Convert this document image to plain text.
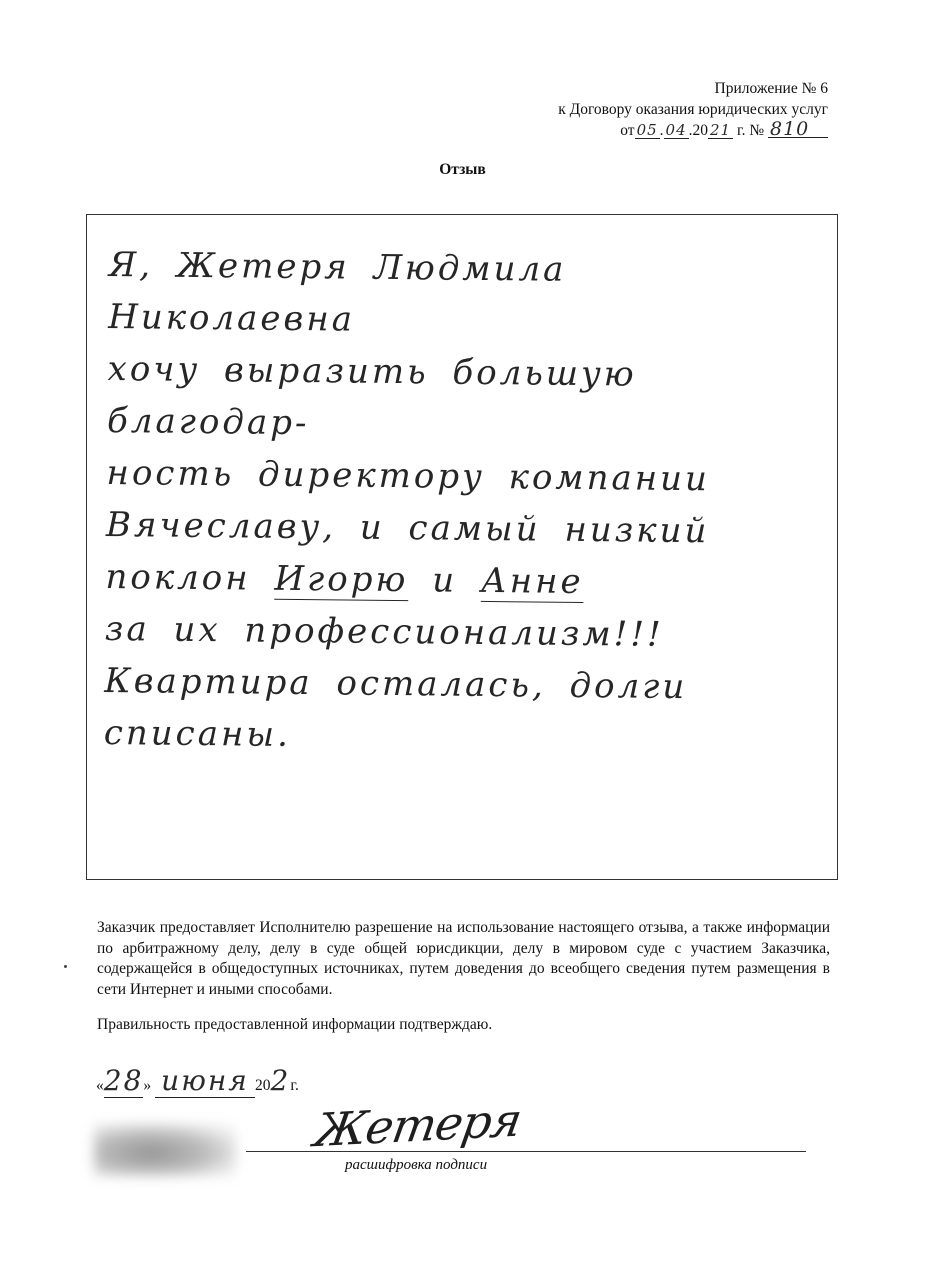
Приложение № 6
к Договору оказания юридических услуг
от 05 . 04 .20 21 г. № 810
Отзыв
Я, Жетеря Людмила Николаевна
хочу выразить большую благодар-
ность директору компании
Вячеславу, и самый низкий
поклон Игорю и Анне
за их профессионализм!!!
Квартира осталась, долги
списаны.
Заказчик предоставляет Исполнителю разрешение на использование настоящего отзыва, а также информации по арбитражному делу, делу в суде общей юрисдикции, делу в мировом суде с участием Заказчика, содержащейся в общедоступных источниках, путем доведения до всеобщего сведения путем размещения в сети Интернет и иными способами.
Правильность предоставленной информации подтверждаю.
«28» июня 202г.
Жетеря
расшифровка подписи
